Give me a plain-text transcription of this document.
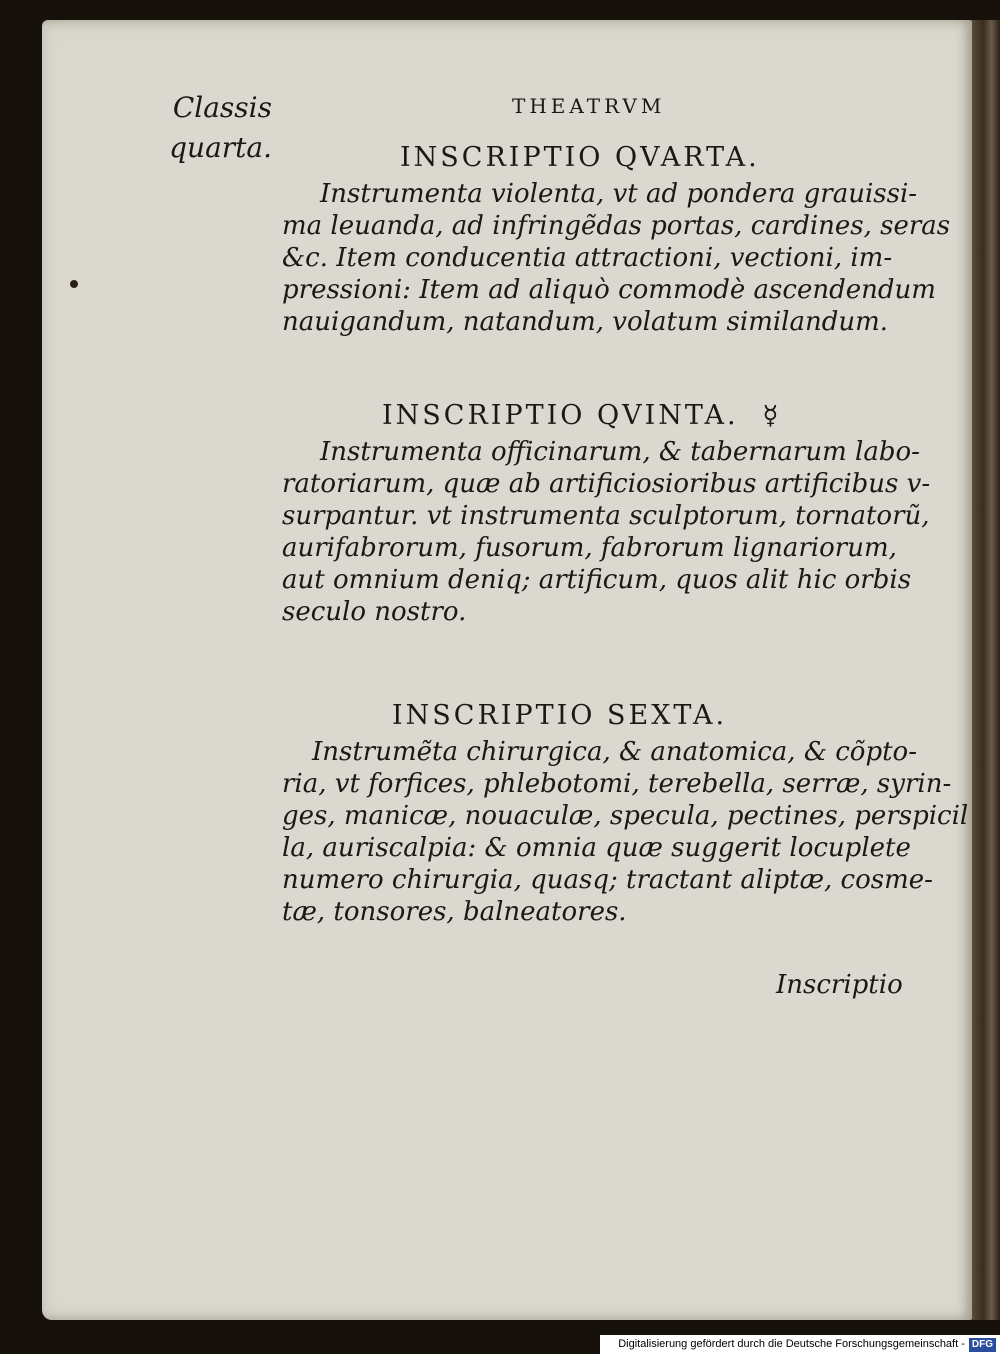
Classis
quarta.
THEATRVM
INSCRIPTIO QVARTA.
Instrumenta violenta, vt ad pondera grauissi-
ma leuanda, ad infringẽdas portas, cardines, seras
&c. Item conducentia attractioni, vectioni, im-
pressioni: Item ad aliquò commodè ascendendum
nauigandum, natandum, volatum similandum.
INSCRIPTIO QVINTA. ☿
Instrumenta officinarum, & tabernarum labo-
ratoriarum, quæ ab artificiosioribus artificibus v-
surpantur. vt instrumenta sculptorum, tornatorũ,
aurifabrorum, fusorum, fabrorum lignariorum,
aut omnium deniq; artificum, quos alit hic orbis
seculo nostro.
INSCRIPTIO SEXTA.
Instrumẽta chirurgica, & anatomica, & cõpto-
ria, vt forfices, phlebotomi, terebella, serræ, syrin-
ges, manicæ, nouaculæ, specula, pectines, perspicil
la, auriscalpia: & omnia quæ suggerit locuplete
numero chirurgia, quasq; tractant aliptæ, cosme-
tæ, tonsores, balneatores.
Inscriptio
Digitalisierung gefördert durch die Deutsche Forschungsgemeinschaft - DFG
